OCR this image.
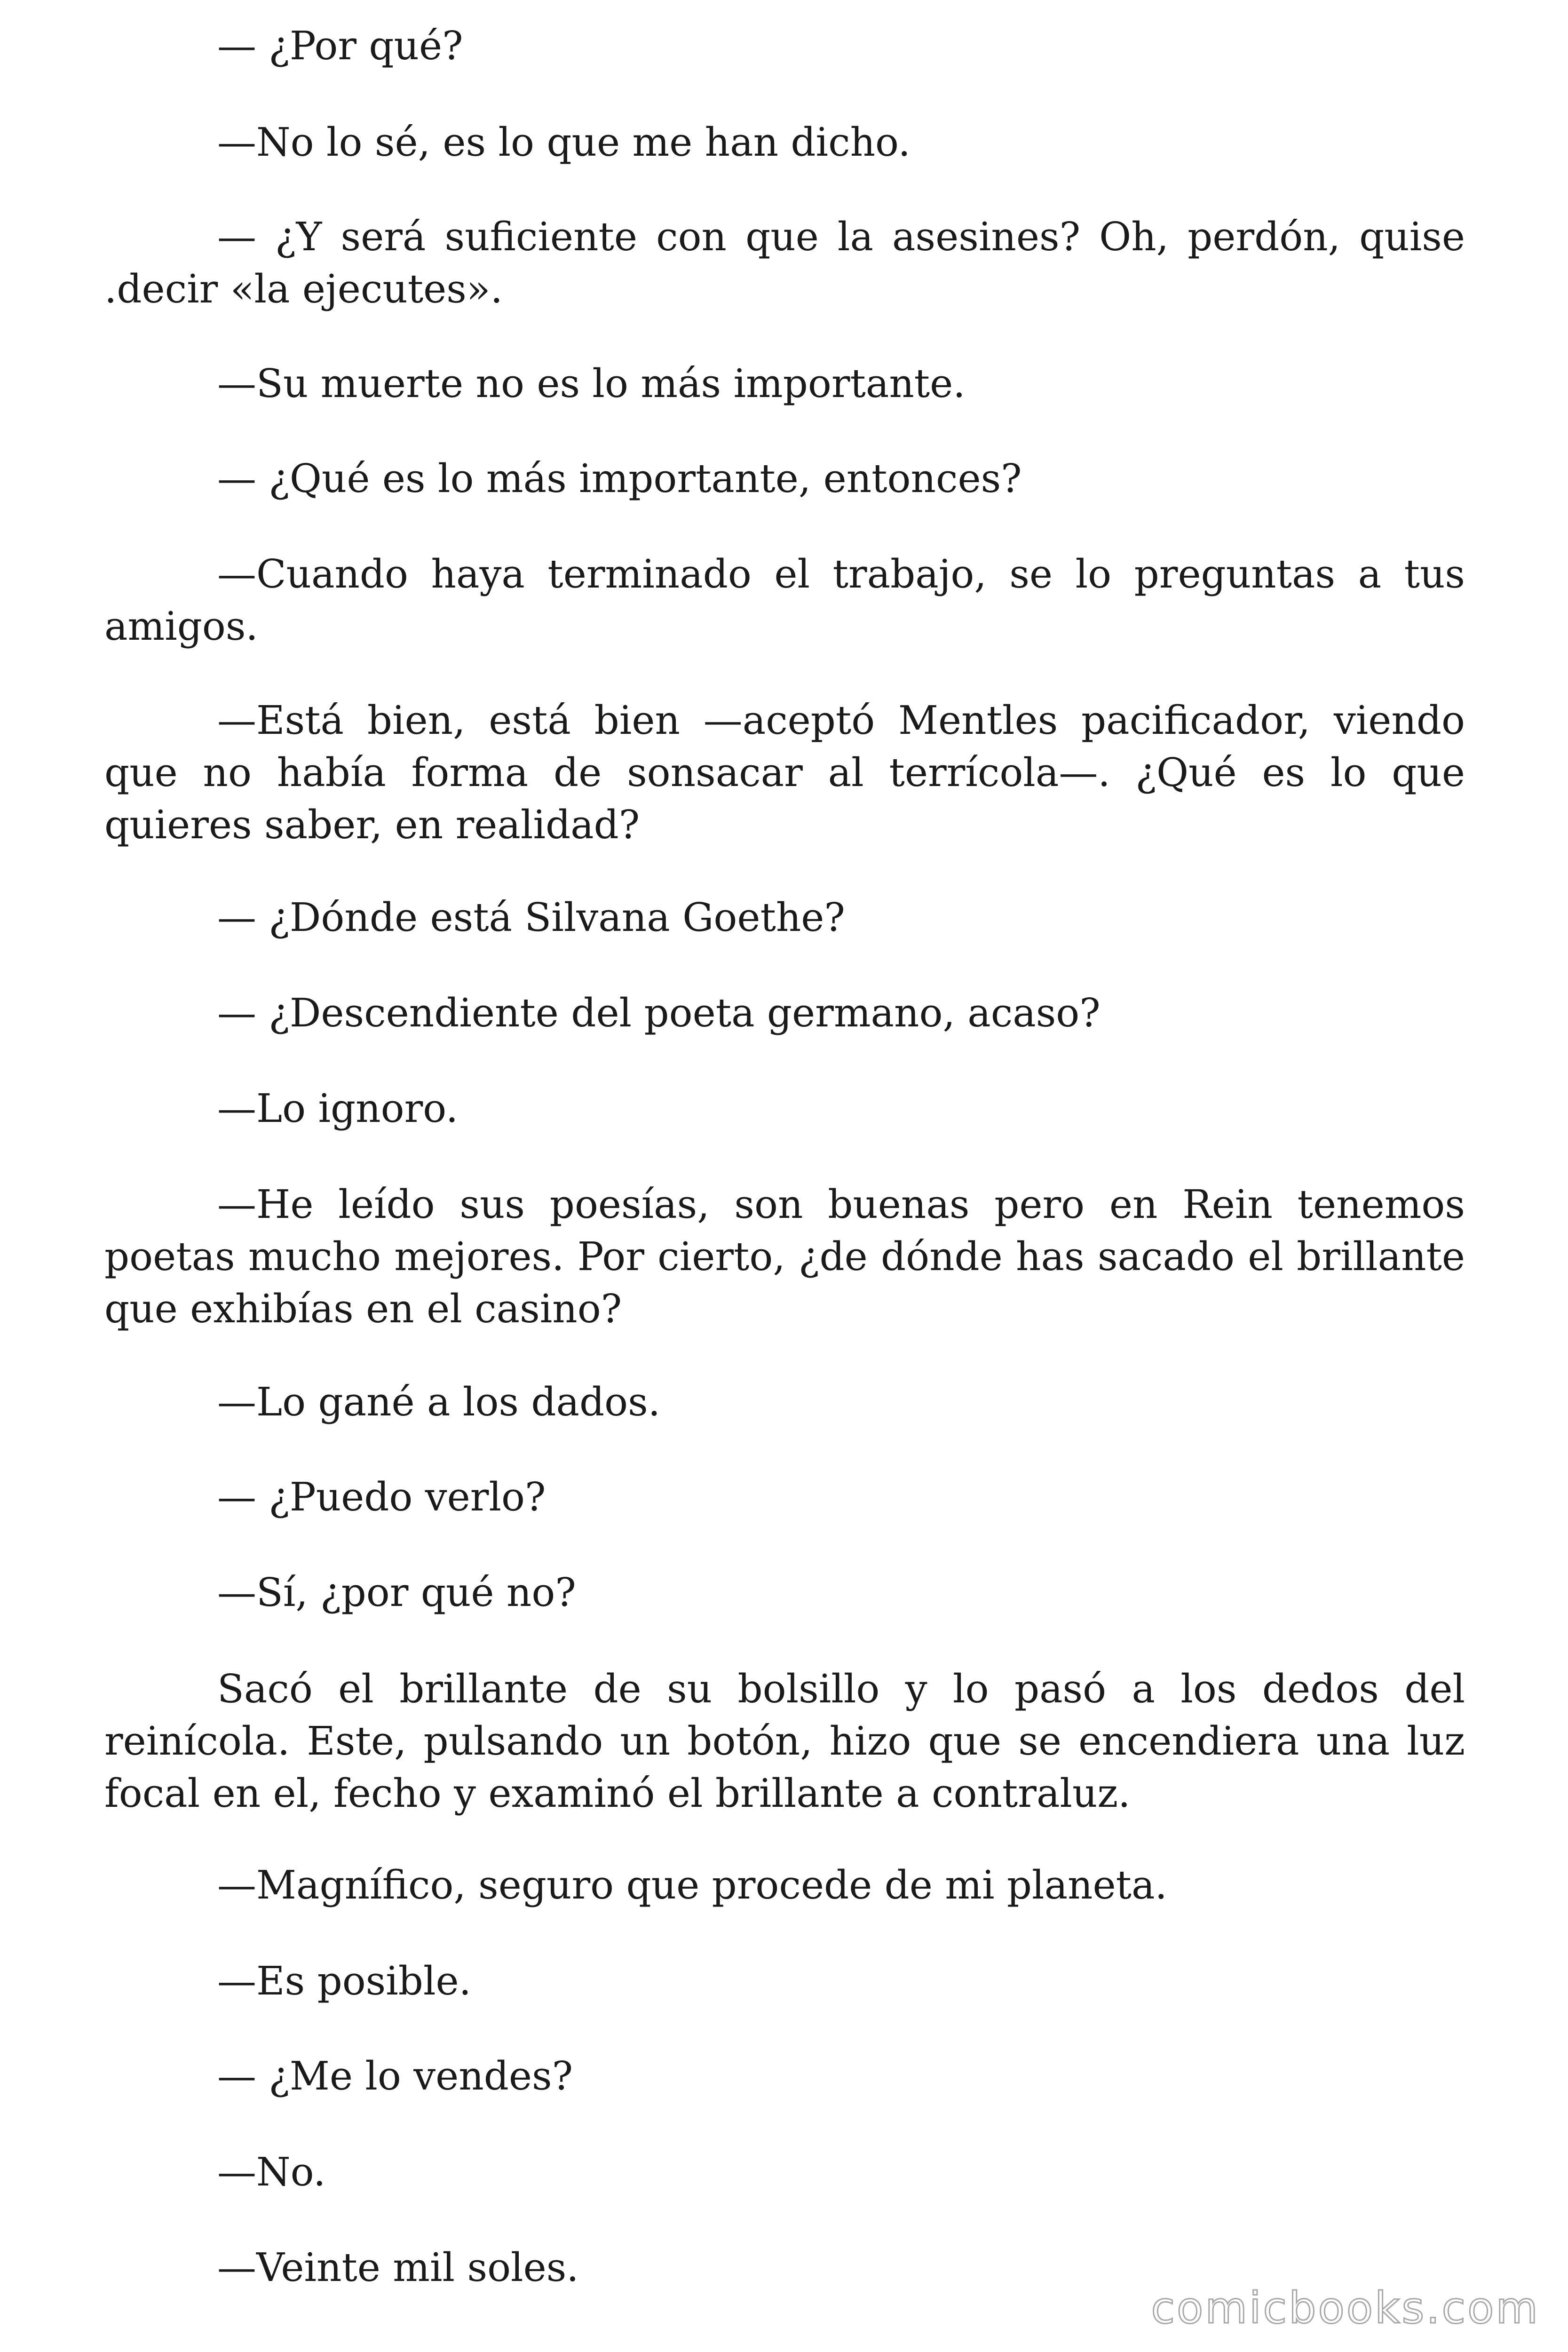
— ¿Por qué?

—No lo sé, es lo que me han dicho.

— ¿Y será suficiente con que la asesines? Oh, perdón, quise .decir «la ejecutes».

—Su muerte no es lo más importante.

— ¿Qué es lo más importante, entonces?

—Cuando haya terminado el trabajo, se lo preguntas a tus amigos.

—Está bien, está bien —aceptó Mentles pacificador, viendo que no había forma de sonsacar al terrícola—. ¿Qué es lo que quieres saber, en realidad?

— ¿Dónde está Silvana Goethe?

— ¿Descendiente del poeta germano, acaso?

—Lo ignoro.

—He leído sus poesías, son buenas pero en Rein tenemos poetas mucho mejores. Por cierto, ¿de dónde has sacado el brillante que exhibías en el casino?

—Lo gané a los dados.

— ¿Puedo verlo?

—Sí, ¿por qué no?

Sacó el brillante de su bolsillo y lo pasó a los dedos del reinícola. Este, pulsando un botón, hizo que se encendiera una luz focal en el, fecho y examinó el brillante a contraluz.

—Magnífico, seguro que procede de mi planeta.

—Es posible.

— ¿Me lo vendes?

—No.

—Veinte mil soles.

comicbooks.com
